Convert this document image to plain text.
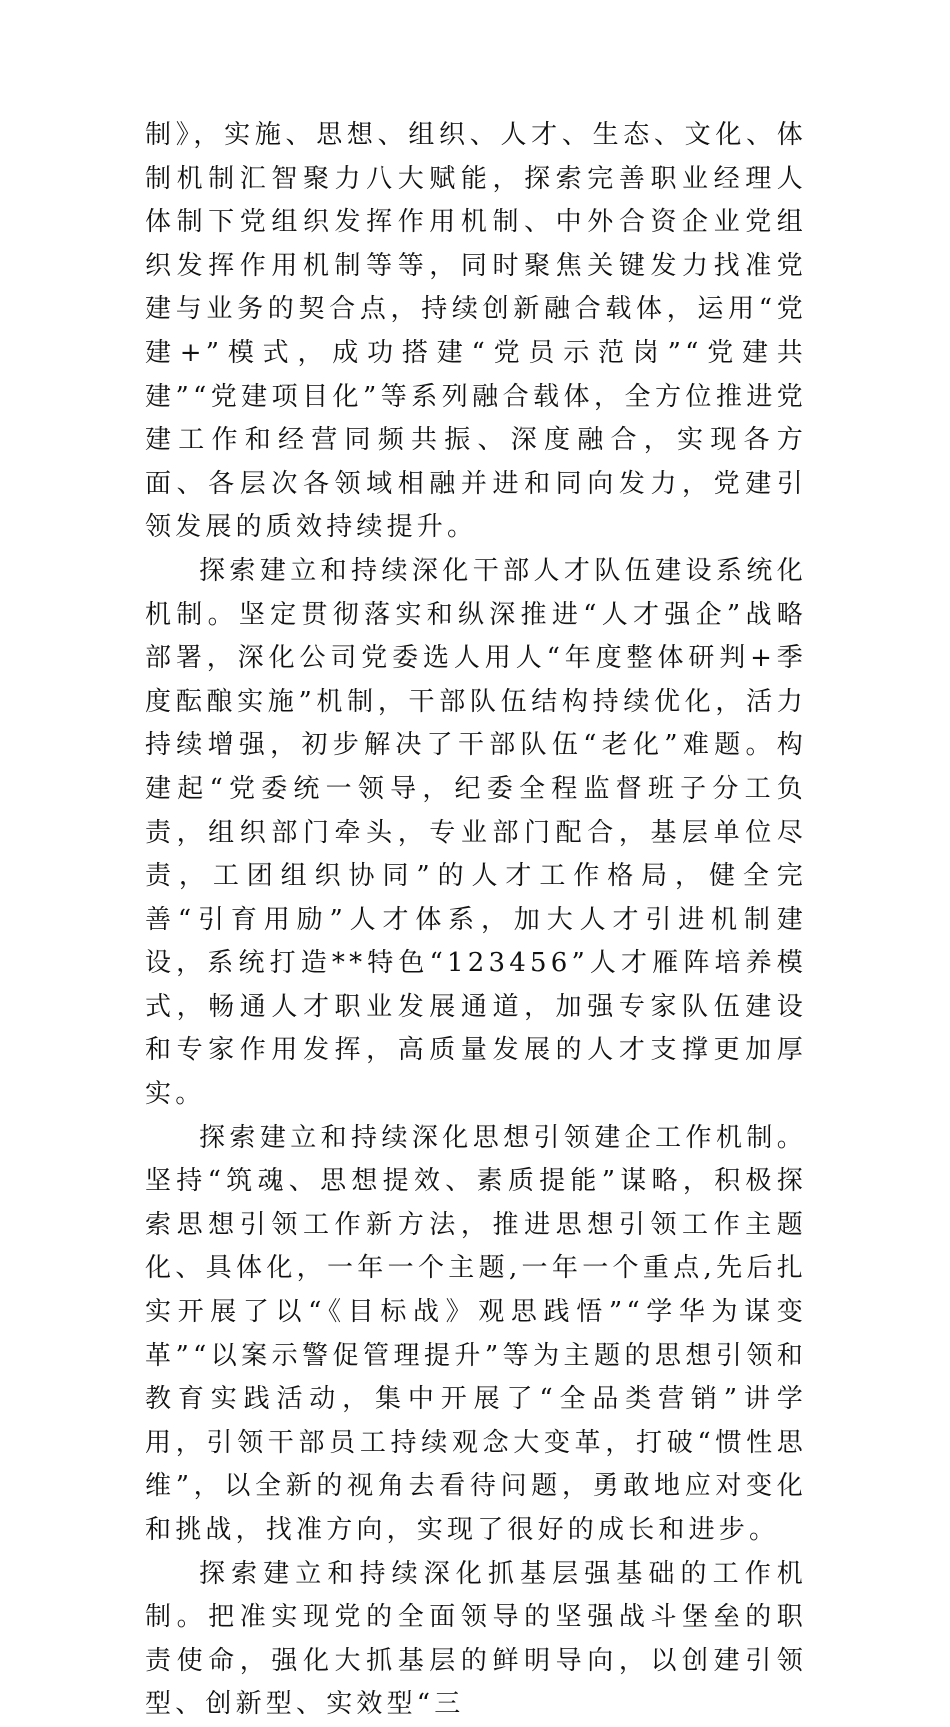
制》，实施、思想、组织、人才、生态、文化、体制机制汇智聚力八大赋能，探索完善职业经理人体制下党组织发挥作用机制、中外合资企业党组织发挥作用机制等等，同时聚焦关键发力找准党建与业务的契合点，持续创新融合载体，运用“党建+”模式，成功搭建“党员示范岗”“党建共建”“党建项目化”等系列融合载体，全方位推进党建工作和经营同频共振、深度融合，实现各方面、各层次各领域相融并进和同向发力，党建引领发展的质效持续提升。

探索建立和持续深化干部人才队伍建设系统化机制。坚定贯彻落实和纵深推进“人才强企”战略部署，深化公司党委选人用人“年度整体研判+季度酝酿实施”机制，干部队伍结构持续优化，活力持续增强，初步解决了干部队伍“老化”难题。构建起“党委统一领导，纪委全程监督班子分工负责，组织部门牵头，专业部门配合，基层单位尽责，工团组织协同”的人才工作格局，健全完善“引育用励”人才体系，加大人才引进机制建设，系统打造**特色“123456”人才雁阵培养模式，畅通人才职业发展通道，加强专家队伍建设和专家作用发挥，高质量发展的人才支撑更加厚实。

探索建立和持续深化思想引领建企工作机制。坚持“筑魂、思想提效、素质提能”谋略，积极探索思想引领工作新方法，推进思想引领工作主题化、具体化，一年一个主题,一年一个重点,先后扎实开展了以“《目标战》观思践悟”“学华为谋变革”“以案示警促管理提升”等为主题的思想引领和教育实践活动，集中开展了“全品类营销”讲学用，引领干部员工持续观念大变革，打破“惯性思维”，以全新的视角去看待问题，勇敢地应对变化和挑战，找准方向，实现了很好的成长和进步。

探索建立和持续深化抓基层强基础的工作机制。把准实现党的全面领导的坚强战斗堡垒的职责使命，强化大抓基层的鲜明导向，以创建引领型、创新型、实效型“三
